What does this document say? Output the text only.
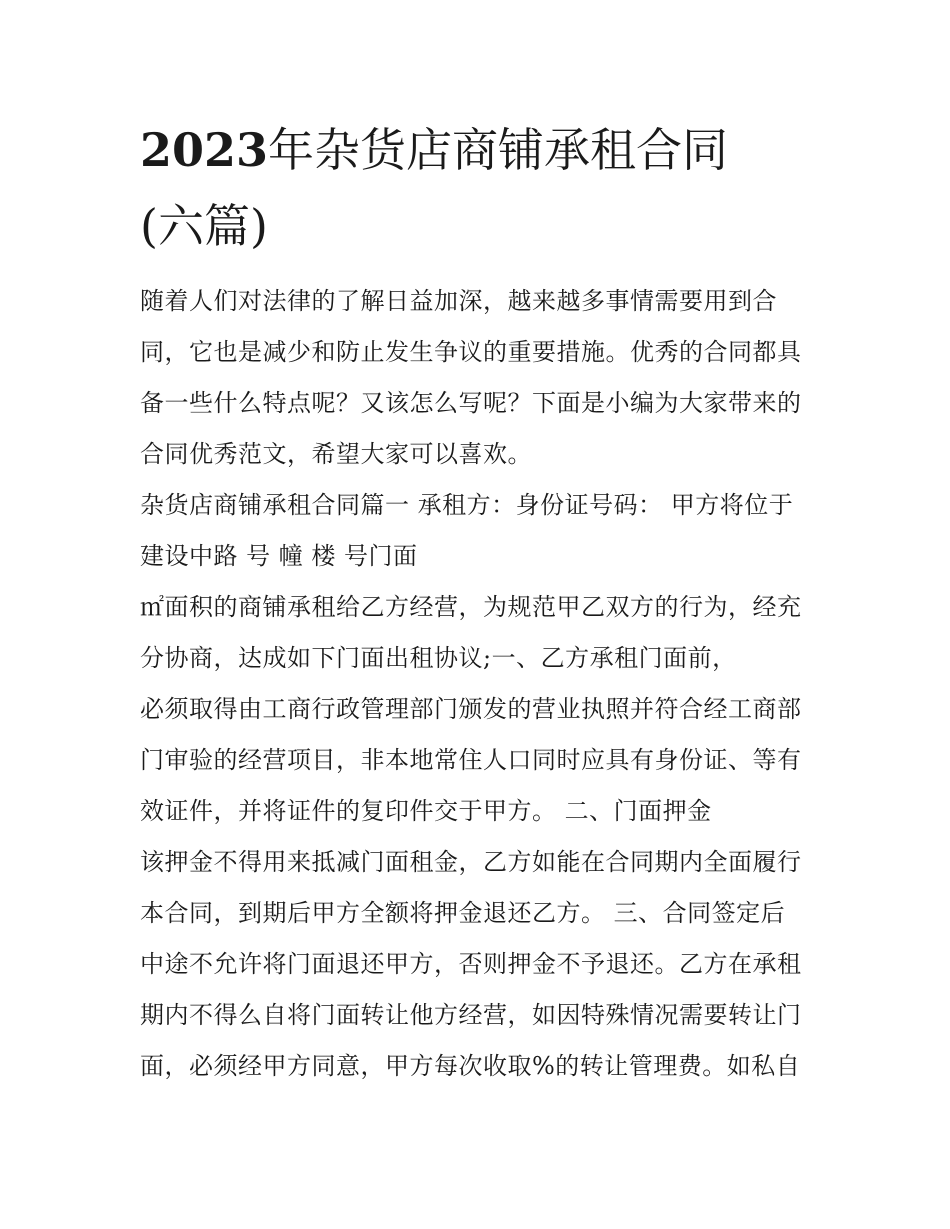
2023年杂货店商铺承租合同
(六篇)
随着人们对法律的了解日益加深，越来越多事情需要用到合
同，它也是减少和防止发生争议的重要措施。优秀的合同都具
备一些什么特点呢？又该怎么写呢？下面是小编为大家带来的
合同优秀范文，希望大家可以喜欢。
杂货店商铺承租合同篇一 承租方：身份证号码： 甲方将位于
建设中路 号 幢 楼 号门面
㎡面积的商铺承租给乙方经营，为规范甲乙双方的行为，经充
分协商，达成如下门面出租协议;一、乙方承租门面前，
必须取得由工商行政管理部门颁发的营业执照并符合经工商部
门审验的经营项目，非本地常住人口同时应具有身份证、等有
效证件，并将证件的复印件交于甲方。 二、门面押金
该押金不得用来抵减门面租金，乙方如能在合同期内全面履行
本合同，到期后甲方全额将押金退还乙方。 三、合同签定后
中途不允许将门面退还甲方，否则押金不予退还。乙方在承租
期内不得么自将门面转让他方经营，如因特殊情况需要转让门
面，必须经甲方同意，甲方每次收取%的转让管理费。如私自
